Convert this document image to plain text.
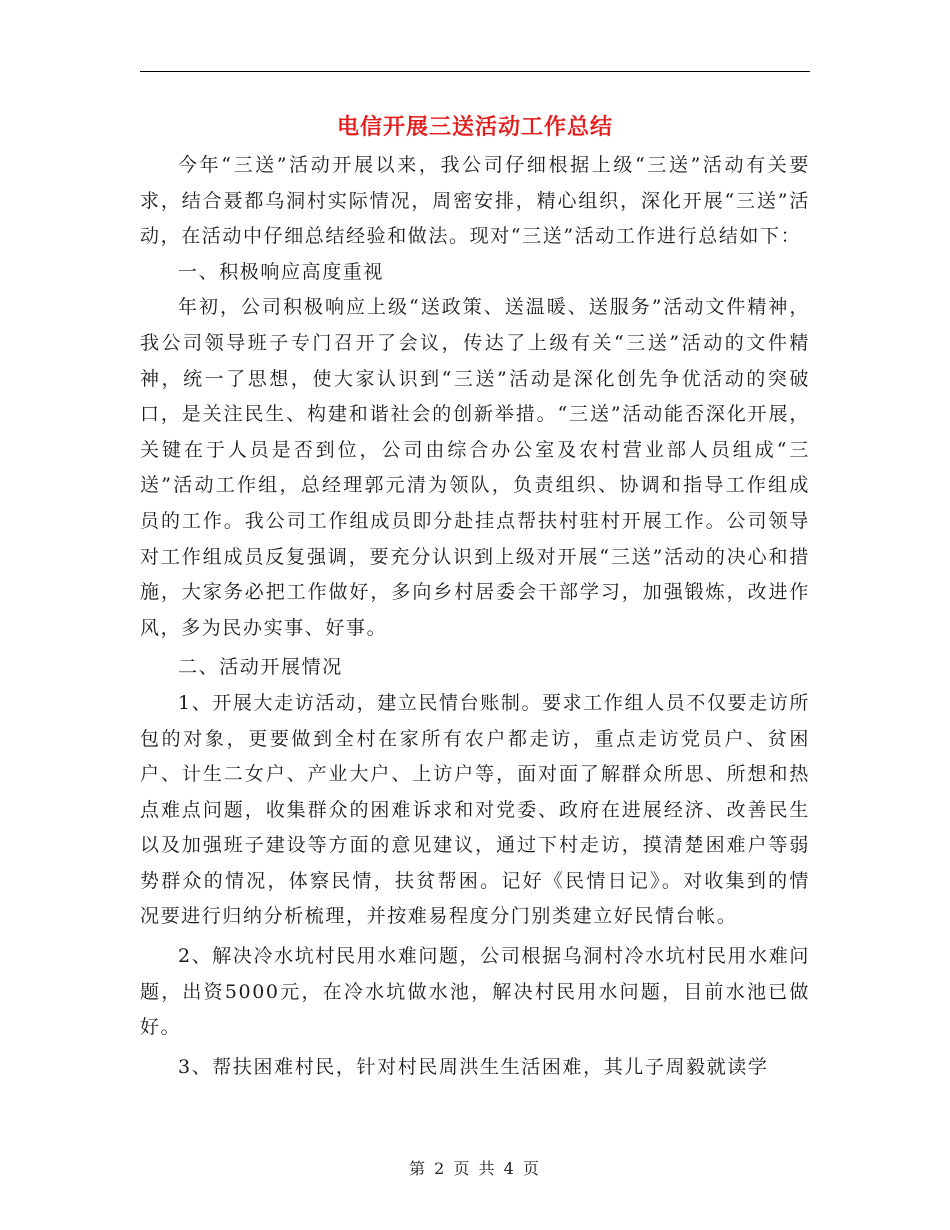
电信开展三送活动工作总结

今年“三送”活动开展以来，我公司仔细根据上级“三送”活动有关要求，结合聂都乌洞村实际情况，周密安排，精心组织，深化开展“三送”活动，在活动中仔细总结经验和做法。现对“三送”活动工作进行总结如下：

一、积极响应高度重视

年初，公司积极响应上级“送政策、送温暖、送服务”活动文件精神，我公司领导班子专门召开了会议，传达了上级有关“三送”活动的文件精神，统一了思想，使大家认识到“三送”活动是深化创先争优活动的突破口，是关注民生、构建和谐社会的创新举措。“三送”活动能否深化开展，关键在于人员是否到位，公司由综合办公室及农村营业部人员组成“三送”活动工作组，总经理郭元清为领队，负责组织、协调和指导工作组成员的工作。我公司工作组成员即分赴挂点帮扶村驻村开展工作。公司领导对工作组成员反复强调，要充分认识到上级对开展“三送”活动的决心和措施，大家务必把工作做好，多向乡村居委会干部学习，加强锻炼，改进作风，多为民办实事、好事。

二、活动开展情况

1、开展大走访活动，建立民情台账制。要求工作组人员不仅要走访所包的对象，更要做到全村在家所有农户都走访，重点走访党员户、贫困户、计生二女户、产业大户、上访户等，面对面了解群众所思、所想和热点难点问题，收集群众的困难诉求和对党委、政府在进展经济、改善民生以及加强班子建设等方面的意见建议，通过下村走访，摸清楚困难户等弱势群众的情况，体察民情，扶贫帮困。记好《民情日记》。对收集到的情况要进行归纳分析梳理，并按难易程度分门别类建立好民情台帐。

2、解决冷水坑村民用水难问题，公司根据乌洞村冷水坑村民用水难问题，出资5000元，在冷水坑做水池，解决村民用水问题，目前水池已做好。

3、帮扶困难村民，针对村民周洪生生活困难，其儿子周毅就读学

第 2 页 共 4 页
